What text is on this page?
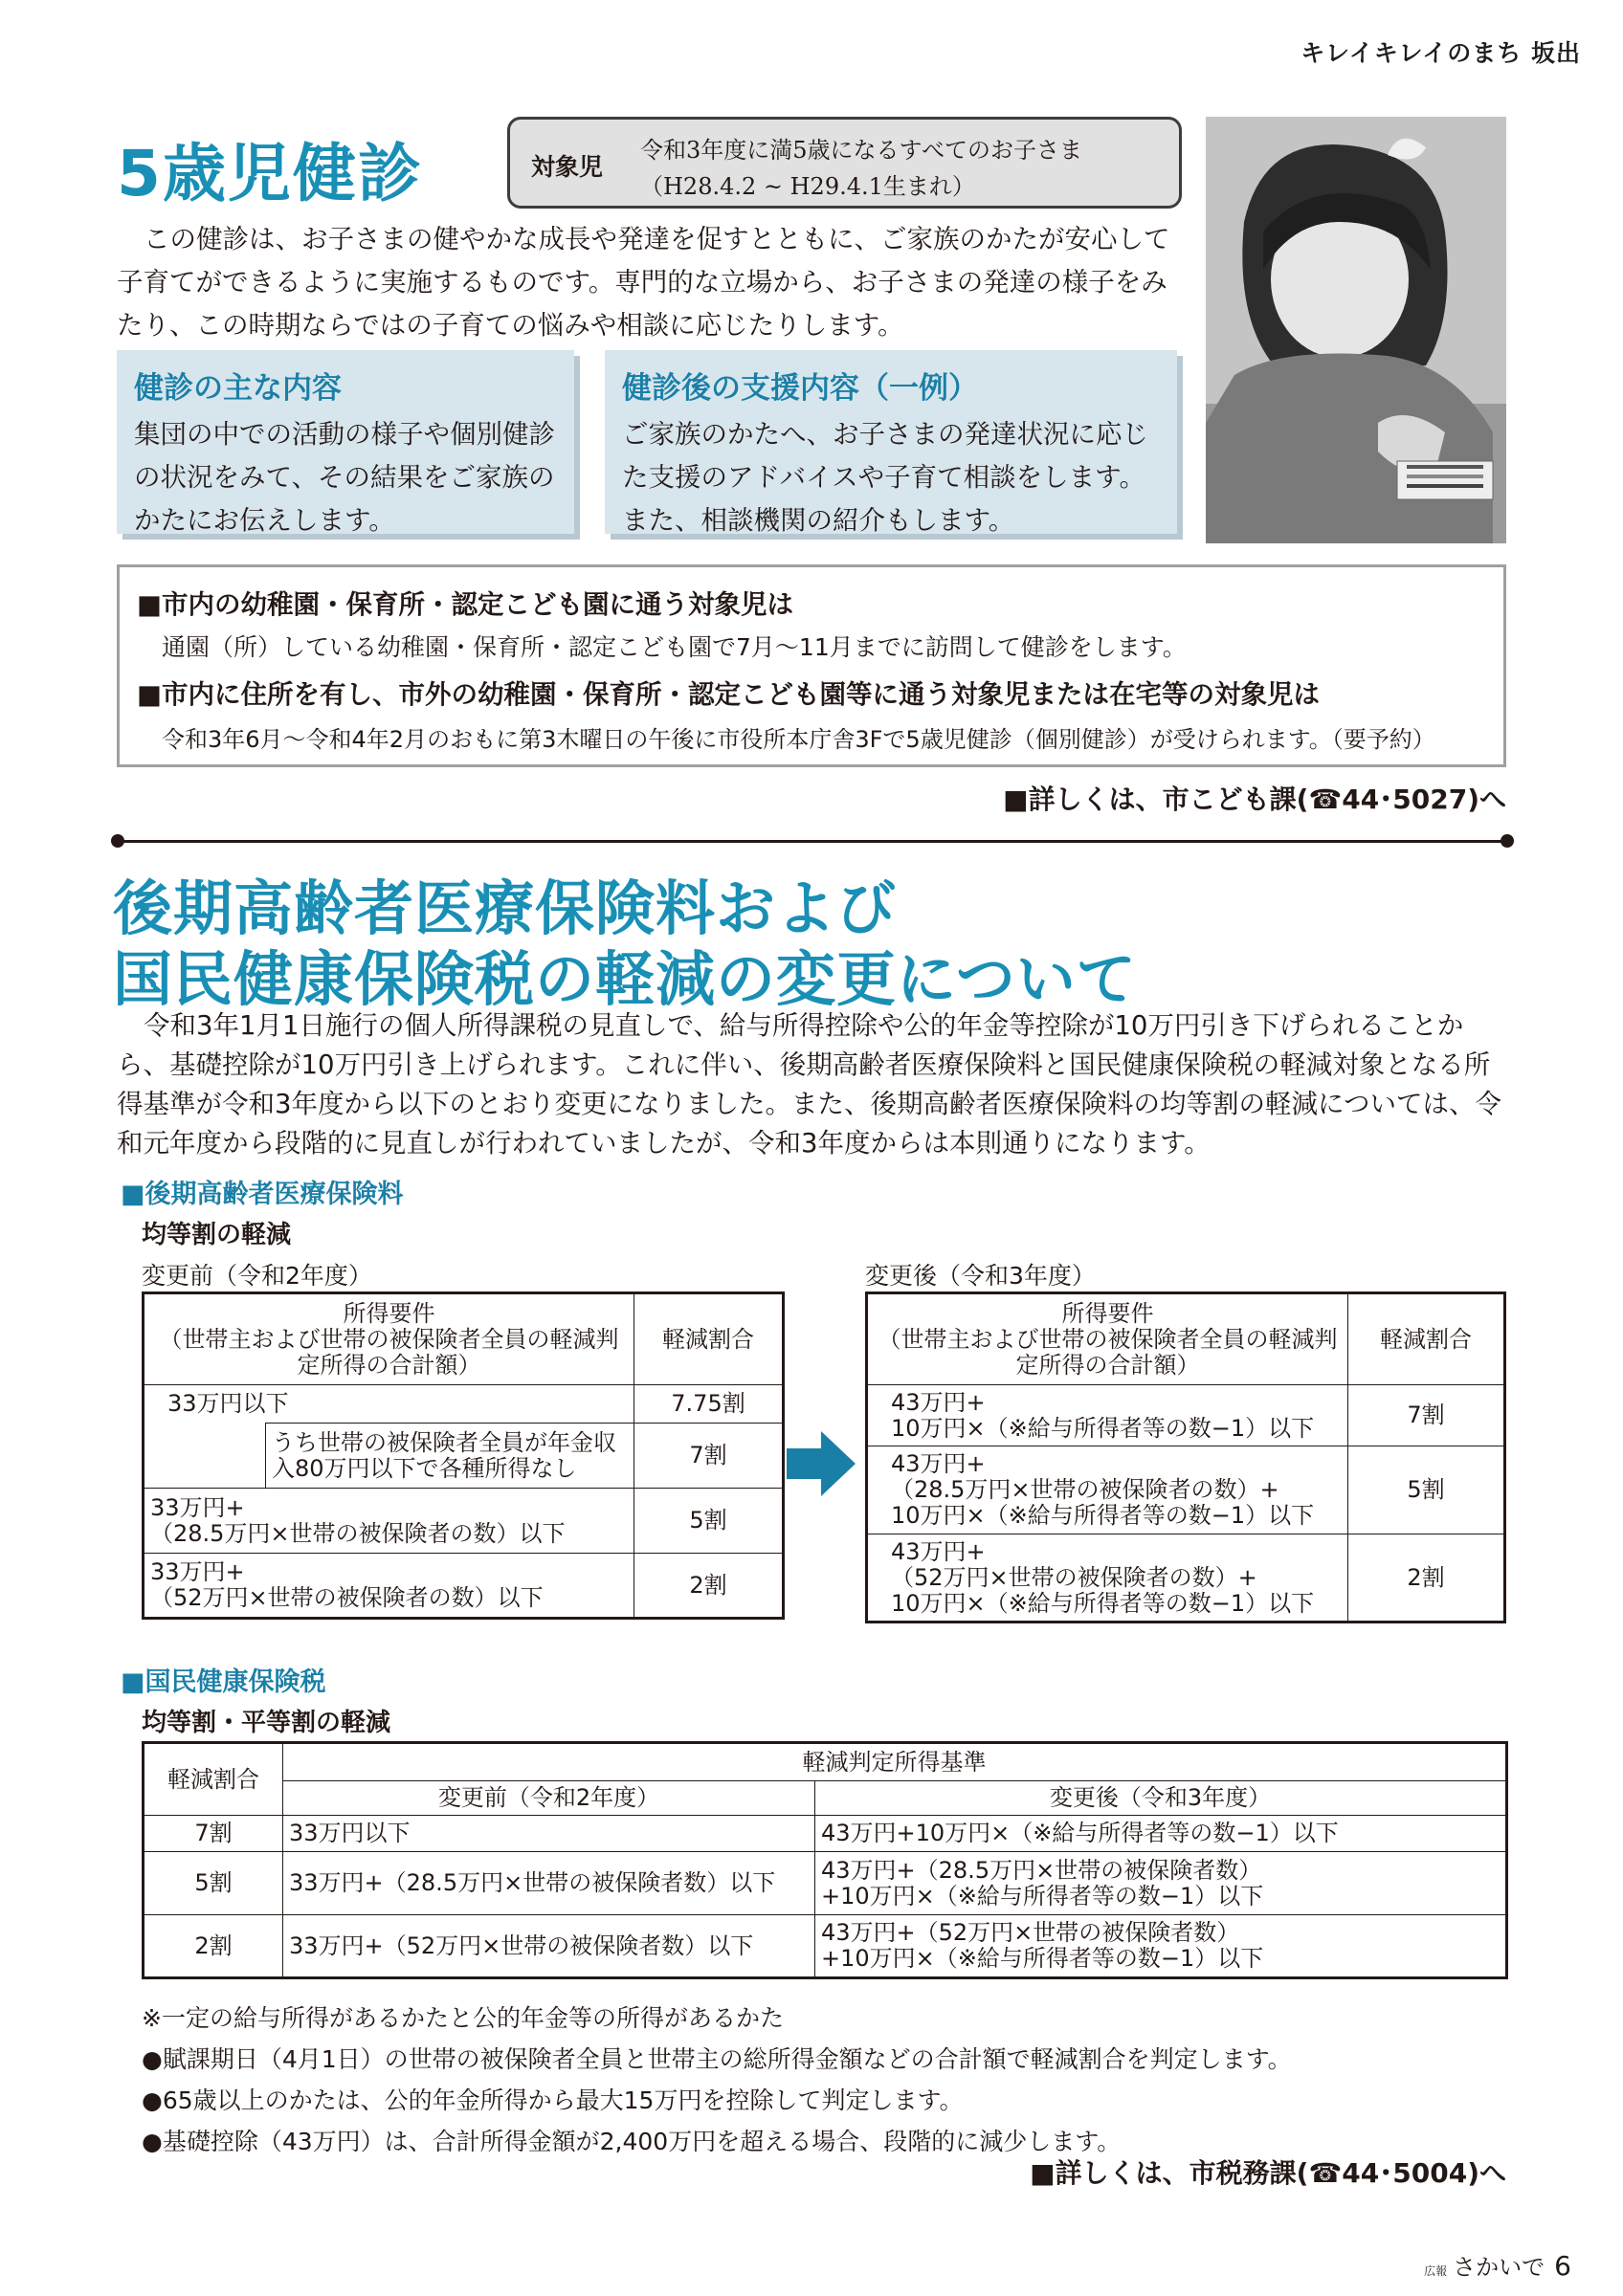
キレイキレイのまち 坂出
5歳児健診	対象児
令和3年度に満5歳になるすべてのお子さま
（H28.4.2 ~ H29.4.1生まれ）

この健診は、お子さまの健やかな成長や発達を促すとともに、ご家族のかたが安心して子育てができるように実施するものです。専門的な立場から、お子さまの発達の様子をみたり、この時期ならではの子育ての悩みや相談に応じたりします。

健診の主な内容
集団の中での活動の様子や個別健診の状況をみて、その結果をご家族のかたにお伝えします。
健診後の支援内容（一例）
ご家族のかたへ、お子さまの発達状況に応じた支援のアドバイスや子育て相談をします。また、相談機関の紹介もします。
■市内の幼稚園・保育所・認定こども園に通う対象児は
通園（所）している幼稚園・保育所・認定こども園で7月～11月までに訪問して健診をします。
■市内に住所を有し、市外の幼稚園・保育所・認定こども園等に通う対象児または在宅等の対象児は
令和3年6月～令和4年2月のおもに第3木曜日の午後に市役所本庁舎3Fで5歳児健診（個別健診）が受けられます。（要予約）
■詳しくは、市こども課(☎44･5027)へ
後期高齢者医療保険料および
国民健康保険税の軽減の変更について

令和3年1月1日施行の個人所得課税の見直しで、給与所得控除や公的年金等控除が10万円引き下げられることから、基礎控除が10万円引き上げられます。これに伴い、後期高齢者医療保険料と国民健康保険税の軽減対象となる所得基準が令和3年度から以下のとおり変更になりました。また、後期高齢者医療保険料の均等割の軽減については、令和元年度から段階的に見直しが行われていましたが、令和3年度からは本則通りになります。

■後期高齢者医療保険料
均等割の軽減
変更前（令和2年度）	変更後（令和3年度）
所得要件
（世帯主および世帯の被保険者全員の軽減判定所得の合計額）		軽減割合
33万円以下		7.75割
	うち世帯の被保険者全員が年金収入80万円以下で各種所得なし	7割
33万円+
（28.5万円×世帯の被保険者の数）以下		5割
33万円+
（52万円×世帯の被保険者の数）以下		2割
所得要件
（世帯主および世帯の被保険者全員の軽減判定所得の合計額）	軽減割合
43万円+
10万円×（※給与所得者等の数−1）以下	7割
43万円+
（28.5万円×世帯の被保険者の数）+
10万円×（※給与所得者等の数−1）以下	5割
43万円+
（52万円×世帯の被保険者の数）+
10万円×（※給与所得者等の数−1）以下	2割
■国民健康保険税
均等割・平等割の軽減
軽減割合	軽減判定所得基準	
	変更前（令和2年度）	変更後（令和3年度）
7割	33万円以下	43万円+10万円×（※給与所得者等の数−1）以下
5割	33万円+（28.5万円×世帯の被保険者数）以下	43万円+（28.5万円×世帯の被保険者数）
+10万円×（※給与所得者等の数−1）以下
2割	33万円+（52万円×世帯の被保険者数）以下	43万円+（52万円×世帯の被保険者数）
+10万円×（※給与所得者等の数−1）以下
※一定の給与所得があるかたと公的年金等の所得があるかた
●賦課期日（4月1日）の世帯の被保険者全員と世帯主の総所得金額などの合計額で軽減割合を判定します。
●65歳以上のかたは、公的年金所得から最大15万円を控除して判定します。
●基礎控除（43万円）は、合計所得金額が2,400万円を超える場合、段階的に減少します。
■詳しくは、市税務課(☎44･5004)へ
広報 さかいで 6
